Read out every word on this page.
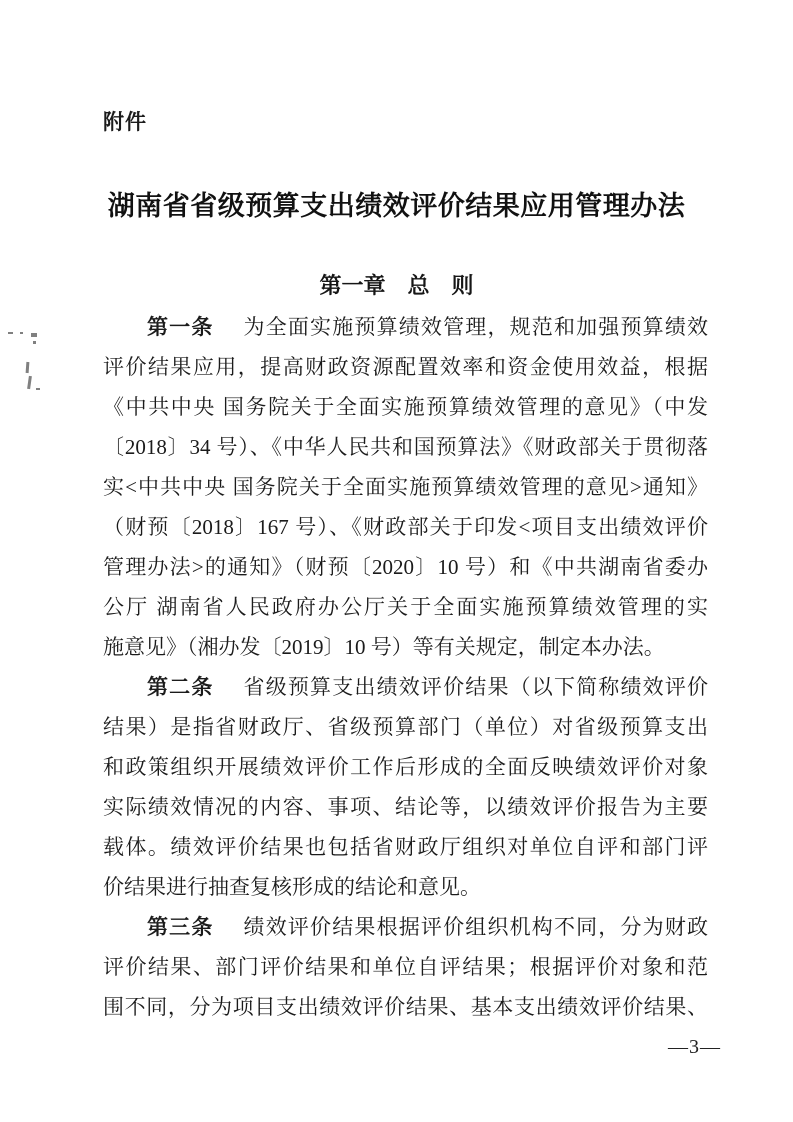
附件
湖南省省级预算支出绩效评价结果应用管理办法
第一章　总　则
第一条 为全面实施预算绩效管理，规范和加强预算绩效
评价结果应用，提高财政资源配置效率和资金使用效益，根据
《中共中央 国务院关于全面实施预算绩效管理的意见》（中发
〔2018〕34 号）、《中华人民共和国预算法》《财政部关于贯彻落
实<中共中央 国务院关于全面实施预算绩效管理的意见>通知》
（财预〔2018〕167 号）、《财政部关于印发<项目支出绩效评价
管理办法>的通知》（财预〔2020〕10 号）和《中共湖南省委办
公厅 湖南省人民政府办公厅关于全面实施预算绩效管理的实
施意见》（湘办发〔2019〕10 号）等有关规定，制定本办法。
第二条 省级预算支出绩效评价结果（以下简称绩效评价
结果）是指省财政厅、省级预算部门（单位）对省级预算支出
和政策组织开展绩效评价工作后形成的全面反映绩效评价对象
实际绩效情况的内容、事项、结论等，以绩效评价报告为主要
载体。绩效评价结果也包括省财政厅组织对单位自评和部门评
价结果进行抽查复核形成的结论和意见。
第三条 绩效评价结果根据评价组织机构不同，分为财政
评价结果、部门评价结果和单位自评结果；根据评价对象和范
围不同，分为项目支出绩效评价结果、基本支出绩效评价结果、
—3—
